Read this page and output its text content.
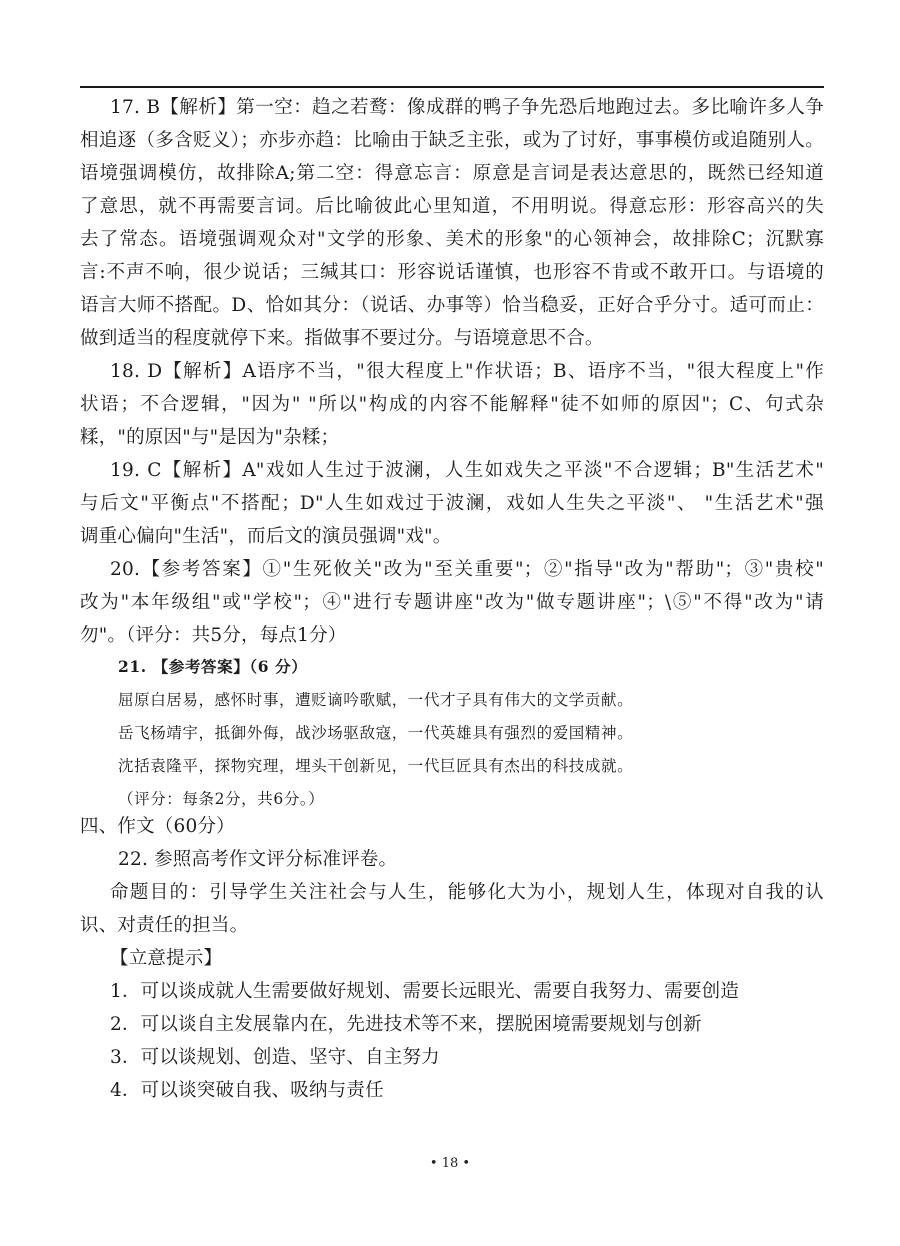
17. B【解析】第一空：趋之若鹜：像成群的鸭子争先恐后地跑过去。多比喻许多人争
相追逐（多含贬义）；亦步亦趋：比喻由于缺乏主张，或为了讨好，事事模仿或追随别人。
语境强调模仿，故排除A;第二空：得意忘言：原意是言词是表达意思的，既然已经知道
了意思，就不再需要言词。后比喻彼此心里知道，不用明说。得意忘形：形容高兴的失
去了常态。语境强调观众对"文学的形象、美术的形象"的心领神会，故排除C；沉默寡
言:不声不响，很少说话；三缄其口：形容说话谨慎，也形容不肯或不敢开口。与语境的
语言大师不搭配。D、恰如其分：（说话、办事等）恰当稳妥，正好合乎分寸。适可而止：
做到适当的程度就停下来。指做事不要过分。与语境意思不合。
18. D【解析】A语序不当，"很大程度上"作状语；B、语序不当，"很大程度上"作
状语；不合逻辑，"因为" "所以"构成的内容不能解释"徒不如师的原因"；C、句式杂
糅，"的原因"与"是因为"杂糅；
19. C【解析】A"戏如人生过于波澜，人生如戏失之平淡"不合逻辑；B"生活艺术"
与后文"平衡点"不搭配；D"人生如戏过于波澜，戏如人生失之平淡"、 "生活艺术"强
调重心偏向"生活"，而后文的演员强调"戏"。
20.【参考答案】①"生死攸关"改为"至关重要"；②"指导"改为"帮助"；③"贵校"
改为"本年级组"或"学校"；④"进行专题讲座"改为"做专题讲座"；\⑤"不得"改为"请
勿"。（评分：共5分，每点1分）
21. 【参考答案】（6 分）
屈原白居易，感怀时事，遭贬谪吟歌赋，一代才子具有伟大的文学贡献。
岳飞杨靖宇，抵御外侮，战沙场驱敌寇，一代英雄具有强烈的爱国精神。
沈括袁隆平，探物究理，埋头干创新见，一代巨匠具有杰出的科技成就。
（评分：每条2分，共6分。）
四、作文（60分）
22. 参照高考作文评分标准评卷。
命题目的：引导学生关注社会与人生，能够化大为小，规划人生，体现对自我的认
识、对责任的担当。
【立意提示】
1．可以谈成就人生需要做好规划、需要长远眼光、需要自我努力、需要创造
2．可以谈自主发展靠内在，先进技术等不来，摆脱困境需要规划与创新
3．可以谈规划、创造、坚守、自主努力
4．可以谈突破自我、吸纳与责任
• 18 •
